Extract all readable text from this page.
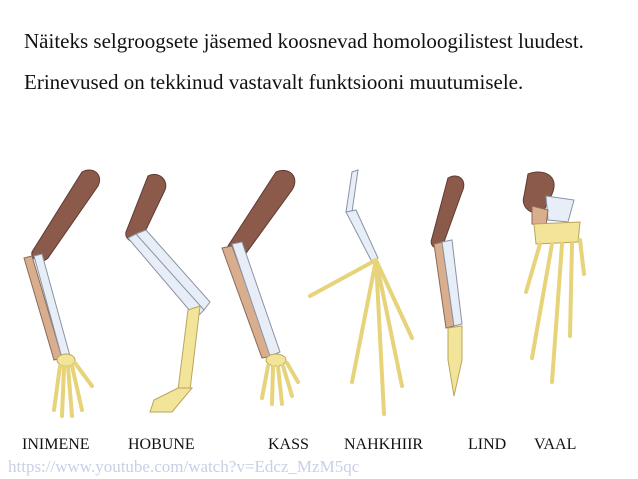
Näiteks selgroogsete jäsemed koosnevad homoloogilistest luudest.

Erinevused on tekkinud vastavalt funktsiooni muutumisele.

INIMENE HOBUNE	KASS NAHKHIIR	LIND VAAL
https://www.youtube.com/watch?v=Edcz_MzM5qc
